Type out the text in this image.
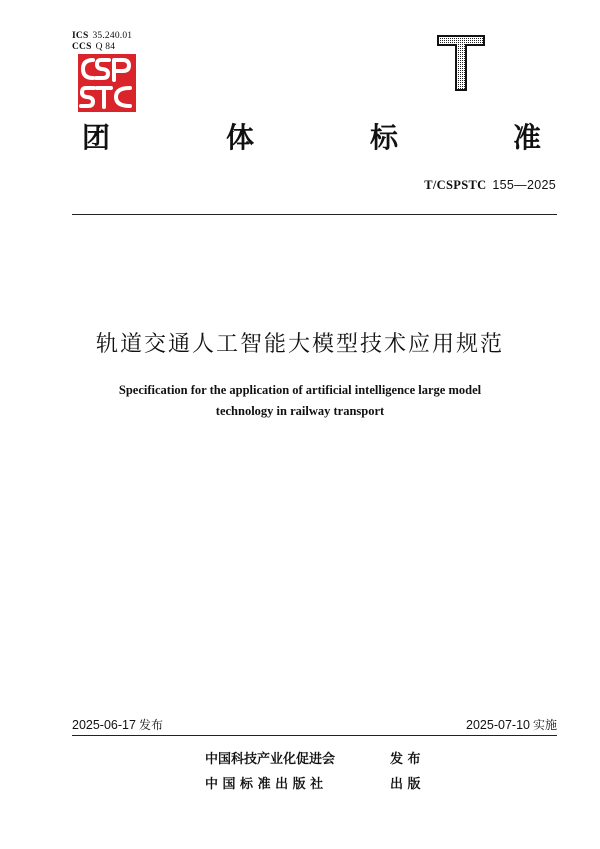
ICS 35.240.01
CCS Q 84
团	体	标	准
T/CSPSTC 155—2025
轨道交通人工智能大模型技术应用规范
Specification for the application of artificial intelligence large model
technology in railway transport
2025-06-17 发布	2025-07-10 实施
中国科技产业化促进会	发 布
中 国 标 准 出 版 社	出 版
